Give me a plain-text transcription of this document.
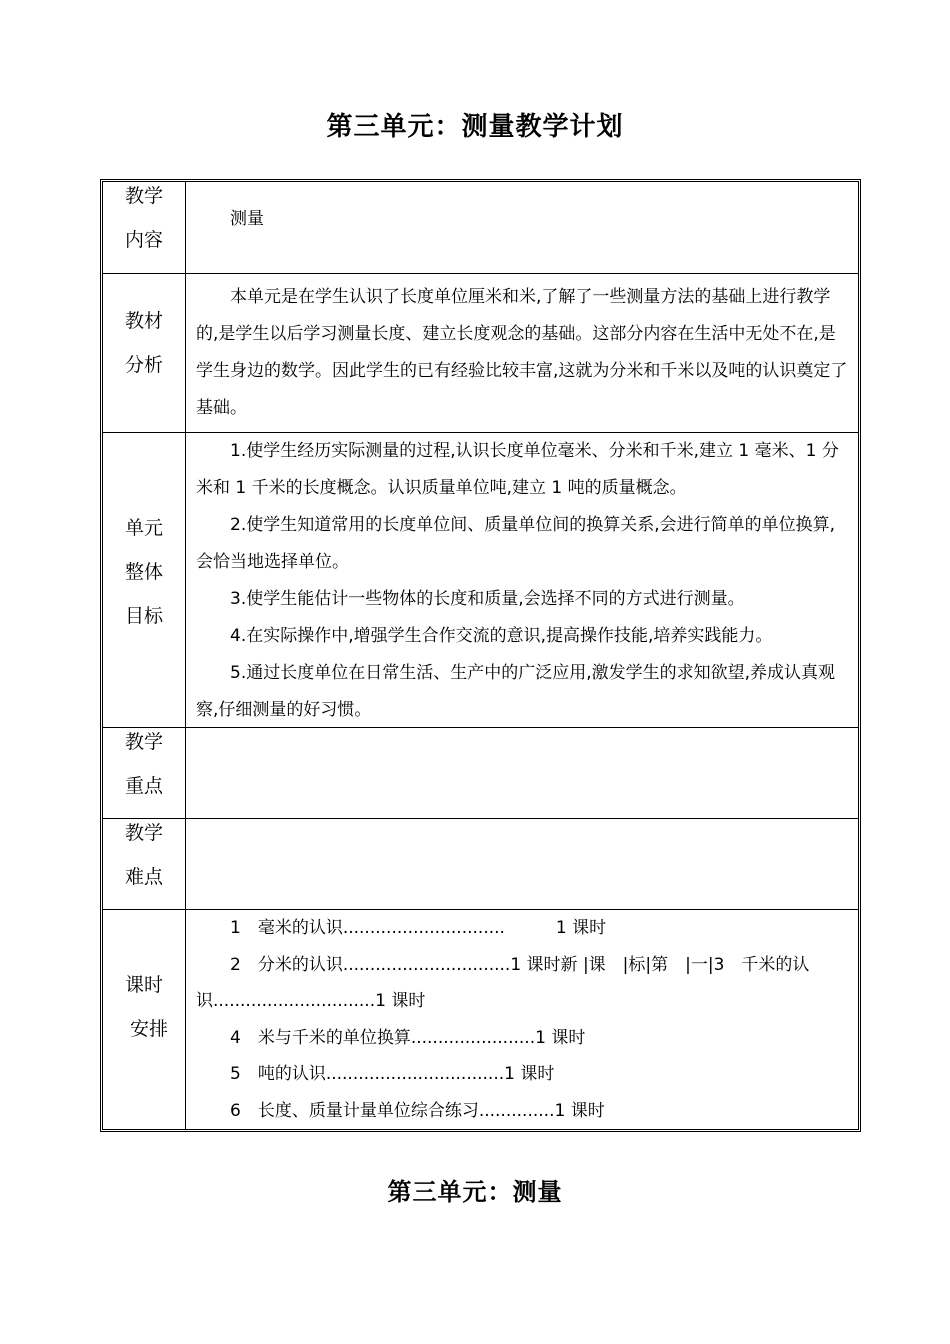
第三单元：测量教学计划
教学
内容

测量

教材
分析

本单元是在学生认识了长度单位厘米和米,了解了一些测量方法的基础上进行教学的,是学生以后学习测量长度、建立长度观念的基础。这部分内容在生活中无处不在,是学生身边的数学。因此学生的已有经验比较丰富,这就为分米和千米以及吨的认识奠定了基础。

单元
整体
目标

1.使学生经历实际测量的过程,认识长度单位毫米、分米和千米,建立 1 毫米、1 分米和 1 千米的长度概念。认识质量单位吨,建立 1 吨的质量概念。

2.使学生知道常用的长度单位间、质量单位间的换算关系,会进行简单的单位换算,会恰当地选择单位。

3.使学生能估计一些物体的长度和质量,会选择不同的方式进行测量。

4.在实际操作中,增强学生合作交流的意识,提高操作技能,培养实践能力。

5.通过长度单位在日常生活、生产中的广泛应用,激发学生的求知欲望,养成认真观察,仔细测量的好习惯。

教学
重点
教学
难点
课时
安排

1　毫米的认识..............................　　　1 课时

2　分米的认识...............................1 课时新 |课　|标|第　|一|3　千米的认识..............................1 课时

4　米与千米的单位换算.......................1 课时

5　吨的认识.................................1 课时

6　长度、质量计量单位综合练习..............1 课时

第三单元：测量
